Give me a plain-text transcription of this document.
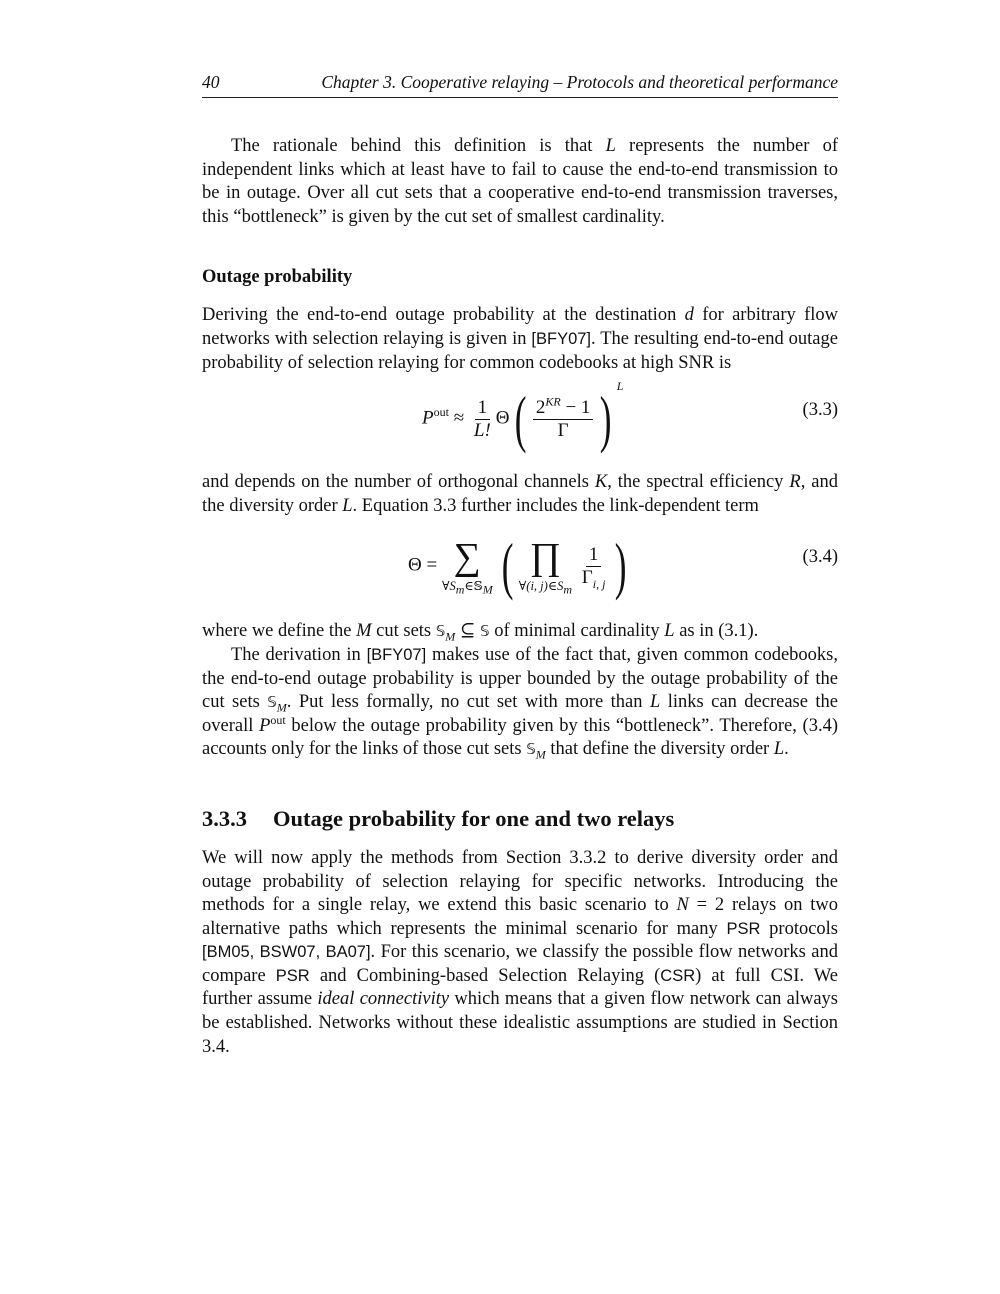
40	Chapter 3. Cooperative relaying – Protocols and theoretical performance

The rationale behind this definition is that L represents the number of independent links which at least have to fail to cause the end-to-end transmission to be in outage. Over all cut sets that a cooperative end-to-end transmission traverses, this “bottleneck” is given by the cut set of smallest cardinality.

Outage probability

Deriving the end-to-end outage probability at the destination d for arbitrary flow networks with selection relaying is given in [BFY07]. The resulting end-to-end outage probability of selection relaying for common codebooks at high SNR is

$P^{out} \approx \frac{1}{L!} \Theta( \frac{2^{KR} - 1}{\Gamma}$ ) $^L$
(3.3)

and depends on the number of orthogonal channels K, the spectral efficiency R, and the diversity order L. Equation 3.3 further includes the link-dependent term

Θ = ∑
$\forall S_m\in 𝕊_M$ ( ∏
∀(i, $j)\in S_m$

$\frac{1}{\Gamma_{i, j}}$ )	(3.4)

where we define the M cut sets 𝕊$_M$ ⊆ 𝕊 of minimal cardinality L as in (3.1).

The derivation in [BFY07] makes use of the fact that, given common codebooks, the end-to-end outage probability is upper bounded by the outage probability of the cut sets 𝕊$_M$. Put less formally, no cut set with more than L links can decrease the overall $P^{out}$ below the outage probability given by this “bottleneck”. Therefore, (3.4) accounts only for the links of those cut sets 𝕊$_M$ that define the diversity order L.

3.3.3 Outage probability for one and two relays

We will now apply the methods from Section 3.3.2 to derive diversity order and outage probability of selection relaying for specific networks. Introducing the methods for a single relay, we extend this basic scenario to N = 2 relays on two alternative paths which represents the minimal scenario for many PSR protocols [BM05, BSW07, BA07]. For this scenario, we classify the possible flow networks and compare PSR and Combining-based Selection Relaying (CSR) at full CSI. We further assume ideal connectivity which means that a given flow network can always be established. Networks without these idealistic assumptions are studied in Section 3.4.
